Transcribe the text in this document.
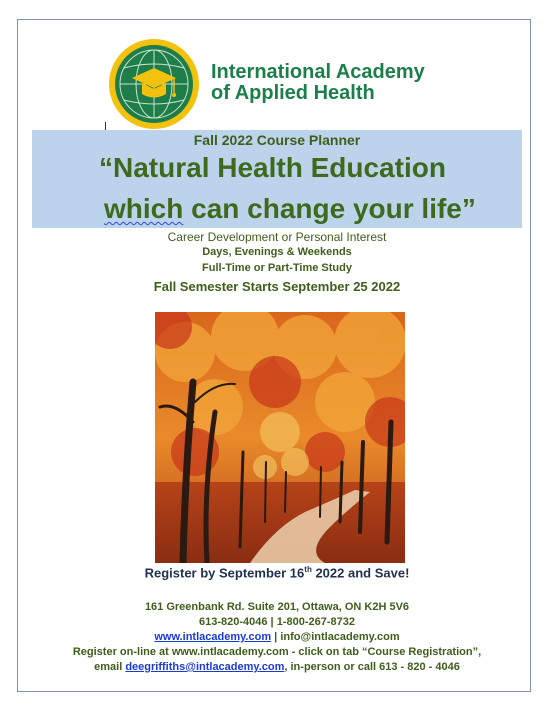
International Academy
of Applied Health
Fall 2022 Course Planner
“Natural Health Education
which can change your life”
Career Development or Personal Interest
Days, Evenings & Weekends
Full-Time or Part-Time Study
Fall Semester Starts September 25 2022
Register by September 16th 2022 and Save!
161 Greenbank Rd. Suite 201, Ottawa, ON K2H 5V6
613-820-4046 | 1-800-267-8732
www.intlacademy.com | info@intlacademy.com
Register on-line at www.intlacademy.com - click on tab “Course Registration”,
email deegriffiths@intlacademy.com, in-person or call 613 - 820 - 4046
